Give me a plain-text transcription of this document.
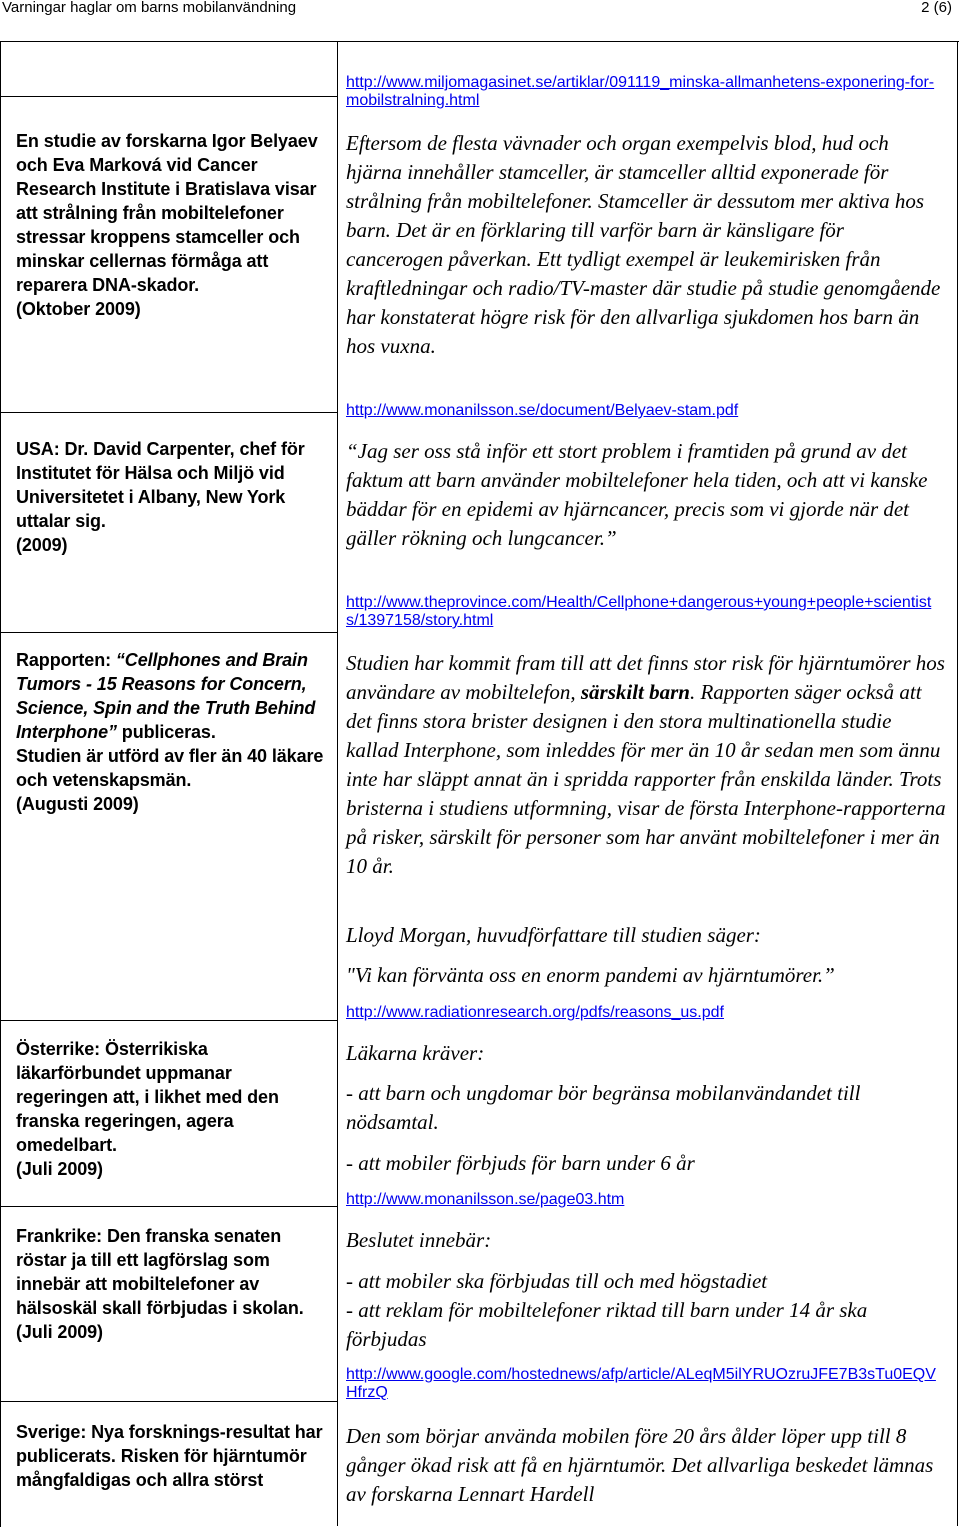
Varningar haglar om barns mobilanvändning	2 (6)
En studie av forskarna Igor Belyaev och Eva Marková vid Cancer Research Institute i Bratislava visar att strålning från mobiltelefoner stressar kroppens stamceller och minskar cellernas förmåga att reparera DNA-skador.
(Oktober 2009)
USA: Dr. David Carpenter, chef för Institutet för Hälsa och Miljö vid Universitetet i Albany, New York uttalar sig.
(2009)
Rapporten: “Cellphones and Brain Tumors - 15 Reasons for Concern, Science, Spin and the Truth Behind Interphone” publiceras.
Studien är utförd av fler än 40 läkare och vetenskapsmän.
(Augusti 2009)
Österrike: Österrikiska läkarförbundet uppmanar regeringen att, i likhet med den franska regeringen, agera omedelbart.
(Juli 2009)
Frankrike: Den franska senaten röstar ja till ett lagförslag som innebär att mobiltelefoner av hälsoskäl skall förbjudas i skolan.
(Juli 2009)
Sverige: Nya forsknings-resultat har publicerats. Risken för hjärntumör mångfaldigas och allra störst
http://www.miljomagasinet.se/artiklar/091119_minska-allmanhetens-exponering-for-mobilstralning.html
Eftersom de flesta vävnader och organ exempelvis blod, hud och hjärna innehåller stamceller, är stamceller alltid exponerade för strålning från mobiltelefoner. Stamceller är dessutom mer aktiva hos barn. Det är en förklaring till varför barn är känsligare för cancerogen påverkan. Ett tydligt exempel är leukemirisken från kraftledningar och radio/TV-master där studie på studie genomgående har konstaterat högre risk för den allvarliga sjukdomen hos barn än hos vuxna.
http://www.monanilsson.se/document/Belyaev-stam.pdf
“Jag ser oss stå inför ett stort problem i framtiden på grund av det faktum att barn använder mobiltelefoner hela tiden, och att vi kanske bäddar för en epidemi av hjärncancer, precis som vi gjorde när det gäller rökning och lungcancer.”
http://www.theprovince.com/Health/Cellphone+dangerous+young+people+scientists/1397158/story.html
Studien har kommit fram till att det finns stor risk för hjärntumörer hos användare av mobiltelefon, särskilt barn. Rapporten säger också att det finns stora brister designen i den stora multinationella studie kallad Interphone, som inleddes för mer än 10 år sedan men som ännu inte har släppt annat än i spridda rapporter från enskilda länder. Trots bristerna i studiens utformning, visar de första Interphone-rapporterna på risker, särskilt för personer som har använt mobiltelefoner i mer än 10 år.
Lloyd Morgan, huvudförfattare till studien säger:
"Vi kan förvänta oss en enorm pandemi av hjärntumörer.”
http://www.radiationresearch.org/pdfs/reasons_us.pdf
Läkarna kräver:
- att barn och ungdomar bör begränsa mobilanvändandet till nödsamtal.
- att mobiler förbjuds för barn under 6 år
http://www.monanilsson.se/page03.htm
Beslutet innebär:
- att mobiler ska förbjudas till och med högstadiet
- att reklam för mobiltelefoner riktad till barn under 14 år ska förbjudas
http://www.google.com/hostednews/afp/article/ALeqM5ilYRUOzruJFE7B3sTu0EQVHfrzQ
Den som börjar använda mobilen före 20 års ålder löper upp till 8 gånger ökad risk att få en hjärntumör. Det allvarliga beskedet lämnas av forskarna Lennart Hardell
